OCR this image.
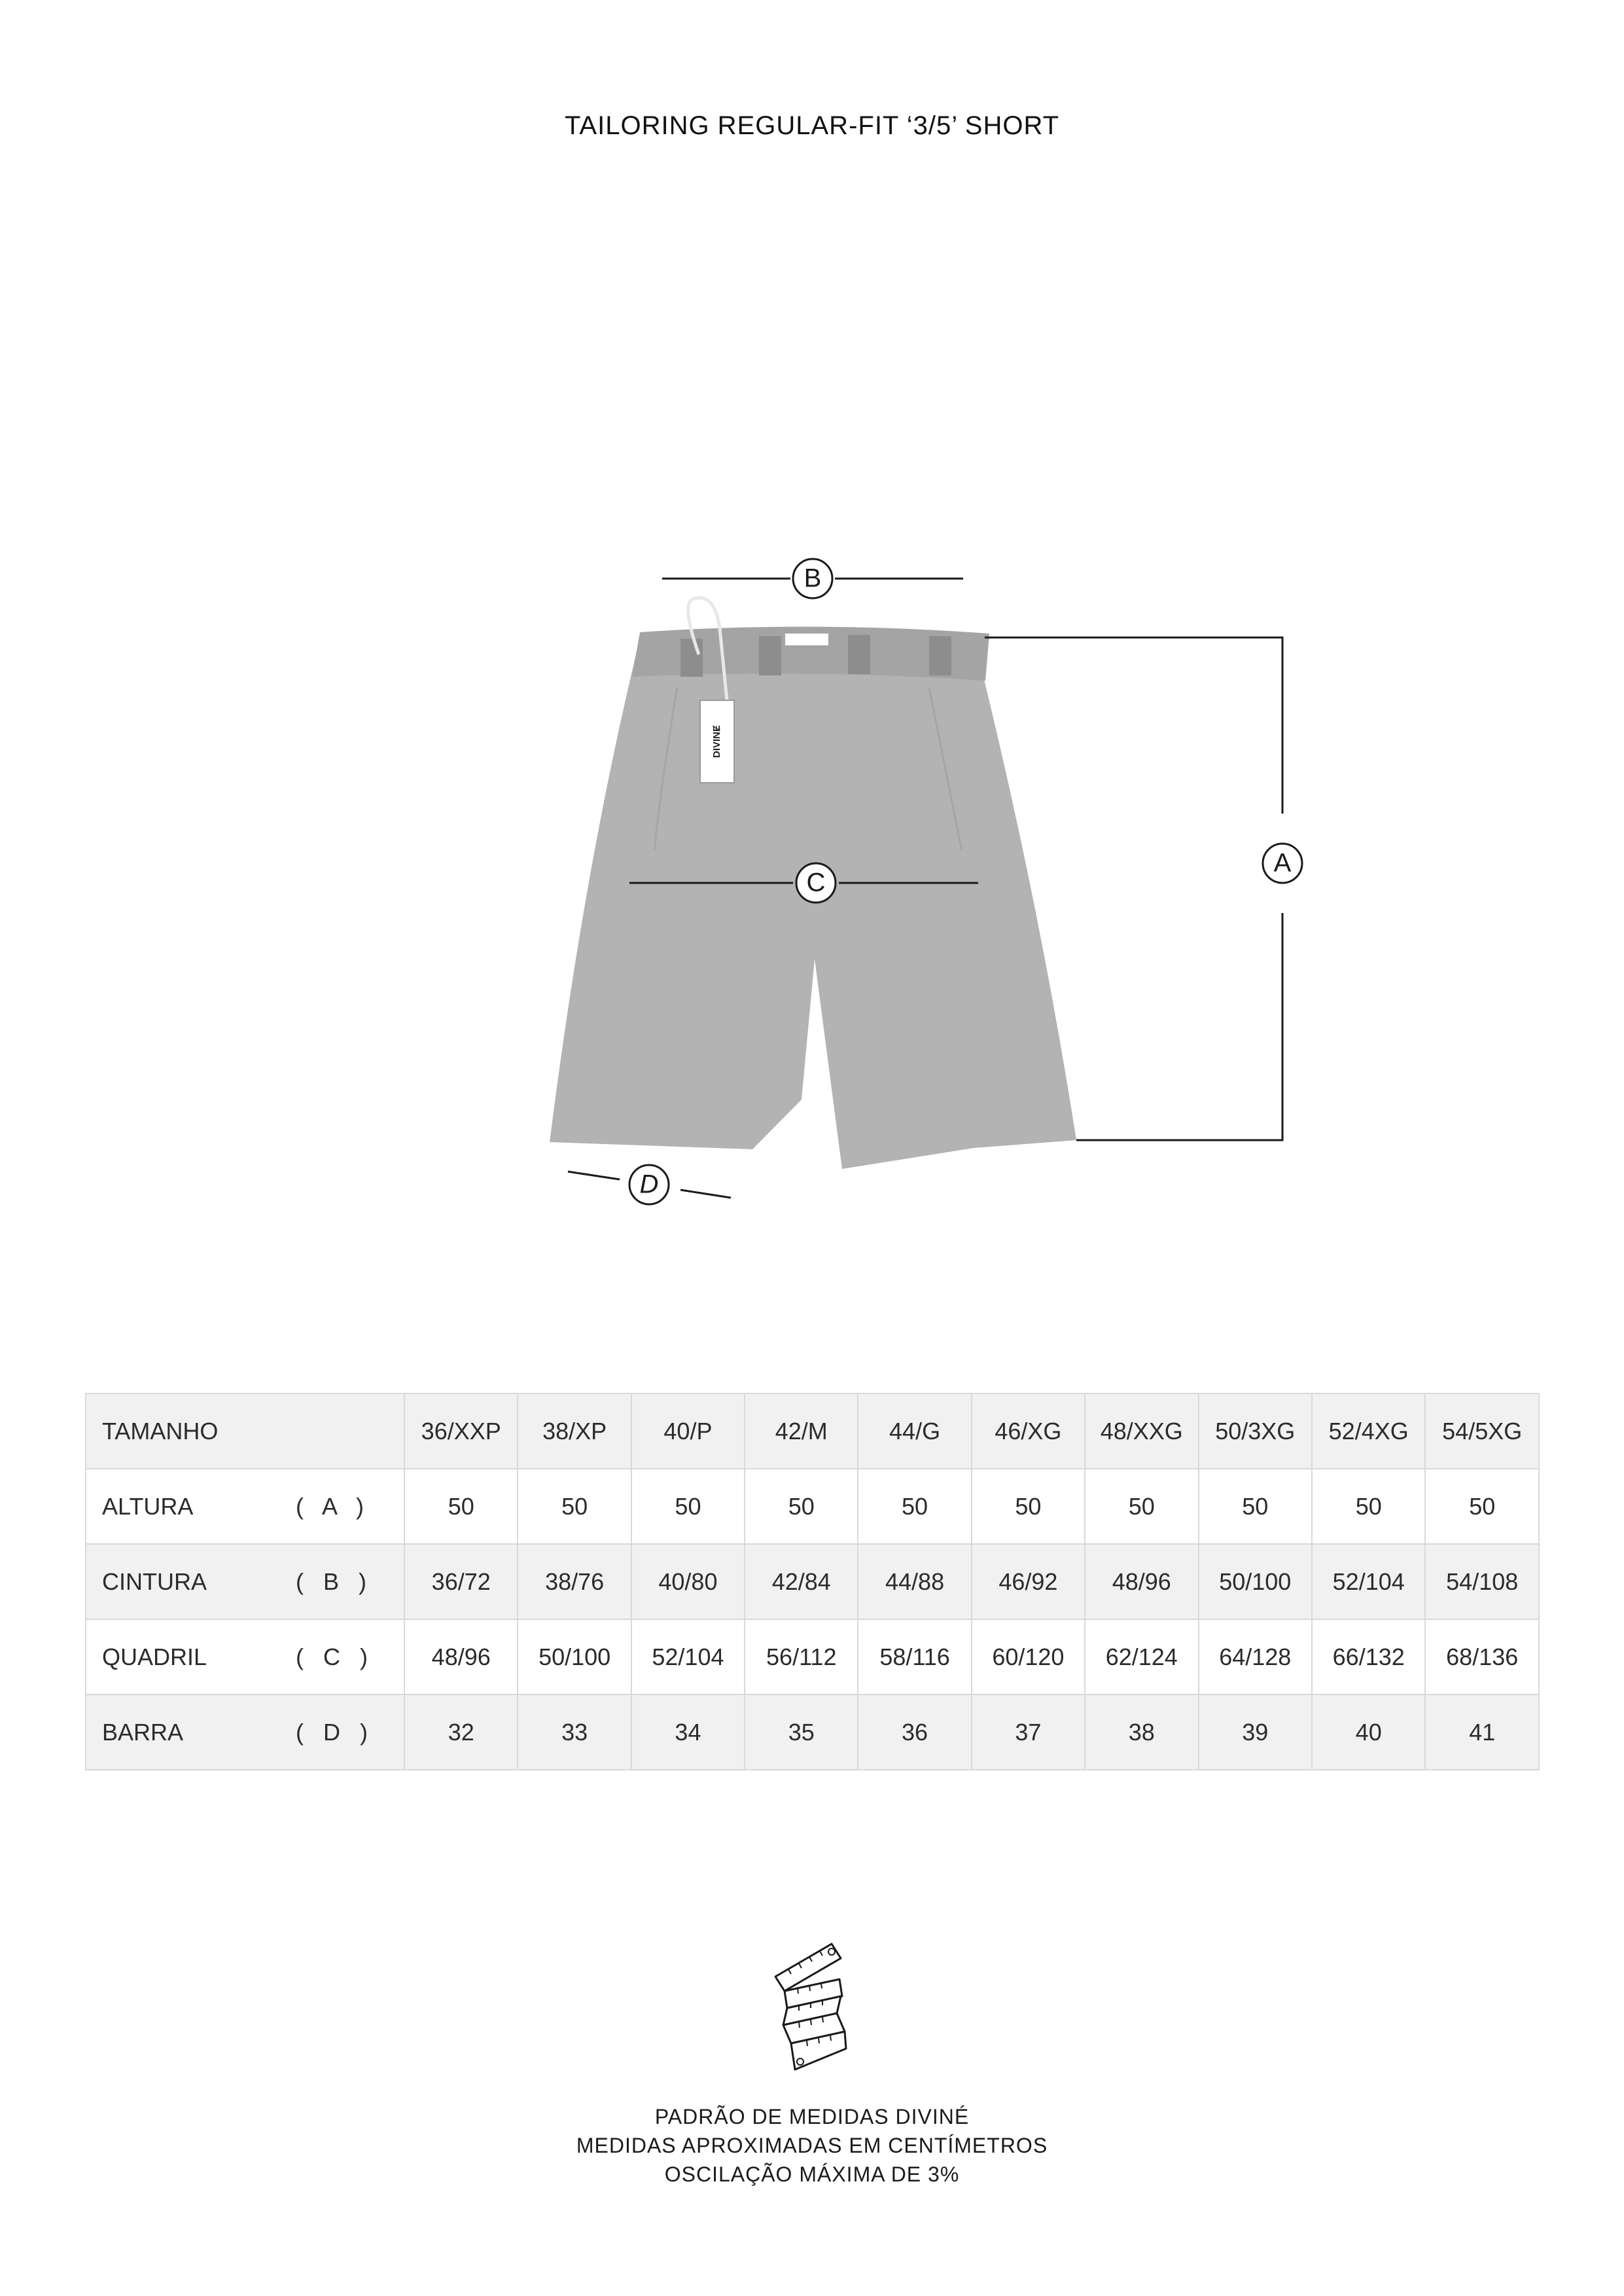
TAILORING REGULAR-FIT ‘3/5’ SHORT
DIVINɆ
B
C
A
D
TAMANHO	36/XXP	38/XP	40/P	42/M	44/G	46/XG	48/XXG	50/3XG	52/4XG	54/5XG

ALTURA ( A )	50	50	50	50	50	50	50	50	50	50

CINTURA ( B )	36/72	38/76	40/80	42/84	44/88	46/92	48/96	50/100	52/104	54/108

QUADRIL ( C )	48/96	50/100	52/104	56/112	58/116	60/120	62/124	64/128	66/132	68/136

BARRA ( D )	32	33	34	35	36	37	38	39	40	41
PADRÃO DE MEDIDAS DIVINÉ
MEDIDAS APROXIMADAS EM CENTÍMETROS
OSCILAÇÃO MÁXIMA DE 3%
